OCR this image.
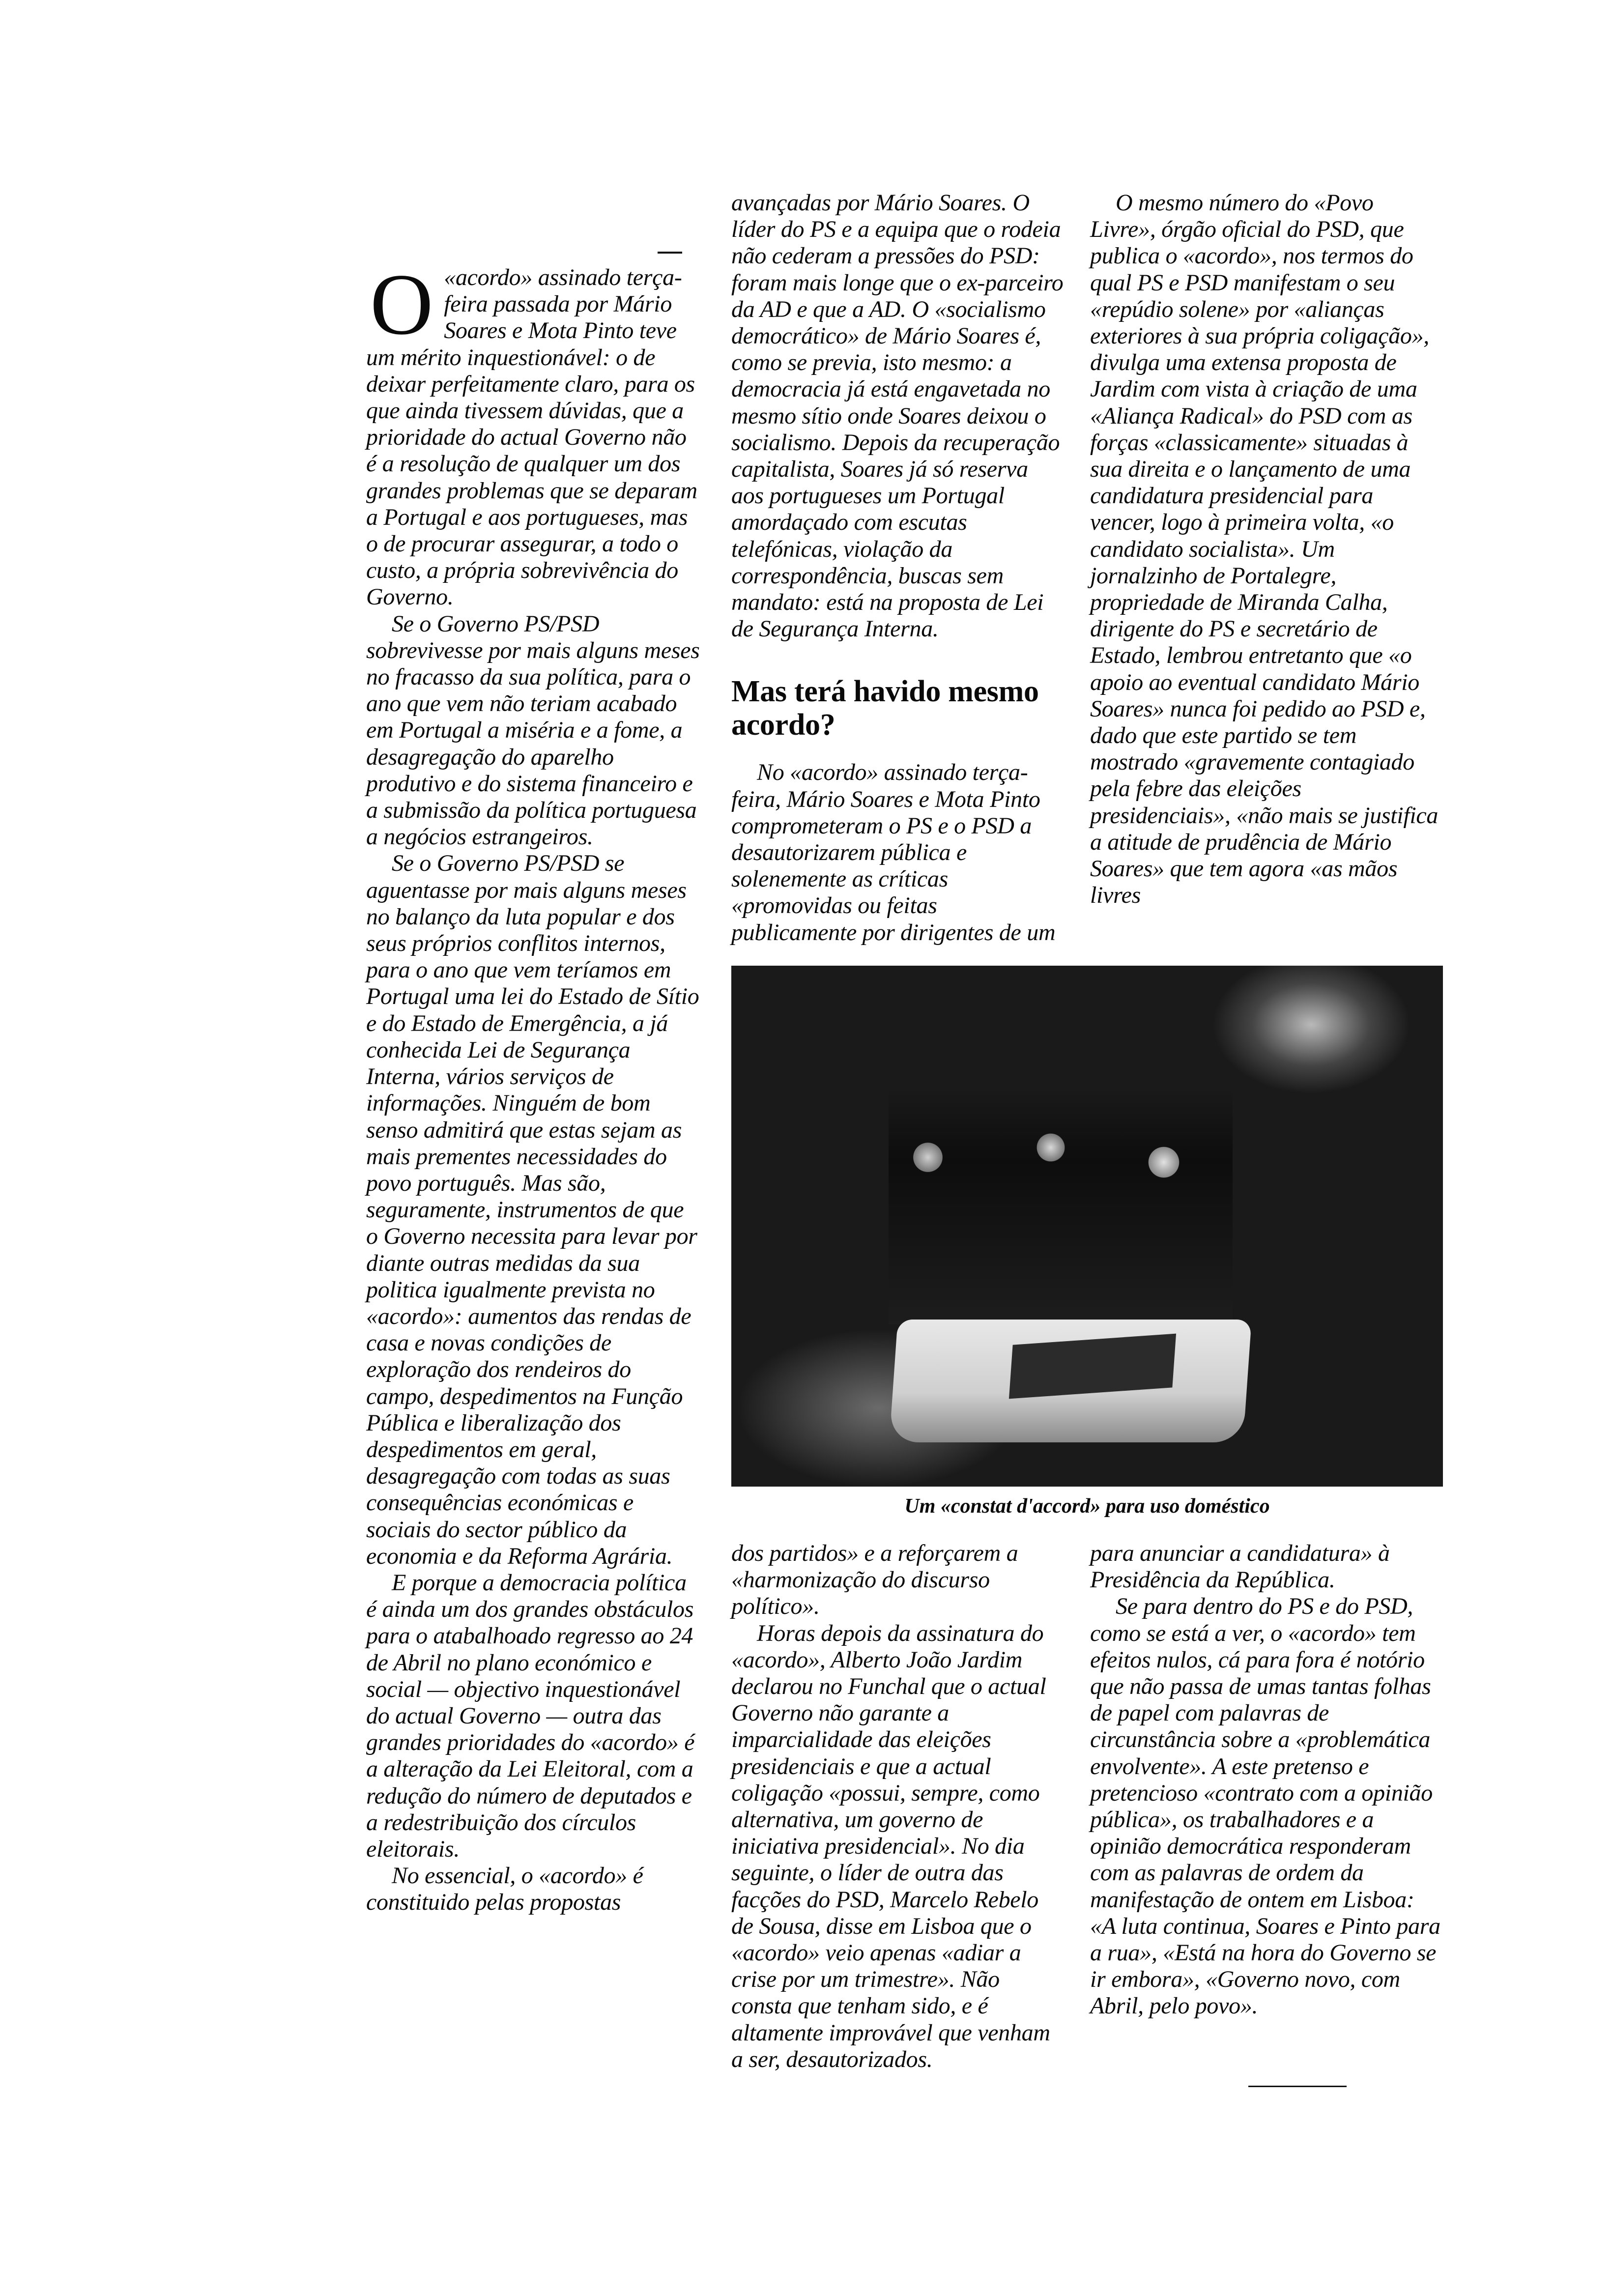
O «acordo» assinado terça-feira passada por Mário Soares e Mota Pinto teve um mérito inquestionável: o de deixar perfeitamente claro, para os que ainda tivessem dúvidas, que a prioridade do actual Governo não é a resolução de qualquer um dos grandes problemas que se deparam a Portugal e aos portugueses, mas o de procurar assegurar, a todo o custo, a própria sobrevivência do Governo.

Se o Governo PS/PSD sobrevivesse por mais alguns meses no fracasso da sua política, para o ano que vem não teriam acabado em Portugal a miséria e a fome, a desagregação do aparelho produtivo e do sistema financeiro e a submissão da política portuguesa a negócios estrangeiros.

Se o Governo PS/PSD se aguentasse por mais alguns meses no balanço da luta popular e dos seus próprios conflitos internos, para o ano que vem teríamos em Portugal uma lei do Estado de Sítio e do Estado de Emergência, a já conhecida Lei de Segurança Interna, vários serviços de informações. Ninguém de bom senso admitirá que estas sejam as mais prementes necessidades do povo português. Mas são, seguramente, instrumentos de que o Governo necessita para levar por diante outras medidas da sua politica igualmente prevista no «acordo»: aumentos das rendas de casa e novas condições de exploração dos rendeiros do campo, despedimentos na Função Pública e liberalização dos despedimentos em geral, desagregação com todas as suas consequências económicas e sociais do sector público da economia e da Reforma Agrária.

E porque a democracia política é ainda um dos grandes obstáculos para o atabalhoado regresso ao 24 de Abril no plano económico e social — objectivo inquestionável do actual Governo — outra das grandes prioridades do «acordo» é a alteração da Lei Eleitoral, com a redução do número de deputados e a redestribuição dos círculos eleitorais.

No essencial, o «acordo» é constituido pelas propostas

avançadas por Mário Soares. O líder do PS e a equipa que o rodeia não cederam a pressões do PSD: foram mais longe que o ex-parceiro da AD e que a AD. O «socialismo democrático» de Mário Soares é, como se previa, isto mesmo: a democracia já está engavetada no mesmo sítio onde Soares deixou o socialismo. Depois da recuperação capitalista, Soares já só reserva aos portugueses um Portugal amordaçado com escutas telefónicas, violação da correspondência, buscas sem mandato: está na proposta de Lei de Segurança Interna.

Mas terá havido mesmo acordo?

No «acordo» assinado terça-feira, Mário Soares e Mota Pinto comprometeram o PS e o PSD a desautorizarem pública e solenemente as críticas «promovidas ou feitas publicamente por dirigentes de um

O mesmo número do «Povo Livre», órgão oficial do PSD, que publica o «acordo», nos termos do qual PS e PSD manifestam o seu «repúdio solene» por «alianças exteriores à sua própria coligação», divulga uma extensa proposta de Jardim com vista à criação de uma «Aliança Radical» do PSD com as forças «classicamente» situadas à sua direita e o lançamento de uma candidatura presidencial para vencer, logo à primeira volta, «o candidato socialista». Um jornalzinho de Portalegre, propriedade de Miranda Calha, dirigente do PS e secretário de Estado, lembrou entretanto que «o apoio ao eventual candidato Mário Soares» nunca foi pedido ao PSD e, dado que este partido se tem mostrado «gravemente contagiado pela febre das eleições presidenciais», «não mais se justifica a atitude de prudência de Mário Soares» que tem agora «as mãos livres

Um «constat d'accord» para uso doméstico

dos partidos» e a reforçarem a «harmonização do discurso político».

Horas depois da assinatura do «acordo», Alberto João Jardim declarou no Funchal que o actual Governo não garante a imparcialidade das eleições presidenciais e que a actual coligação «possui, sempre, como alternativa, um governo de iniciativa presidencial». No dia seguinte, o líder de outra das facções do PSD, Marcelo Rebelo de Sousa, disse em Lisboa que o «acordo» veio apenas «adiar a crise por um trimestre». Não consta que tenham sido, e é altamente improvável que venham a ser, desautorizados.

para anunciar a candidatura» à Presidência da República.

Se para dentro do PS e do PSD, como se está a ver, o «acordo» tem efeitos nulos, cá para fora é notório que não passa de umas tantas folhas de papel com palavras de circunstância sobre a «problemática envolvente». A este pretenso e pretencioso «contrato com a opinião pública», os trabalhadores e a opinião democrática responderam com as palavras de ordem da manifestação de ontem em Lisboa: «A luta continua, Soares e Pinto para a rua», «Está na hora do Governo se ir embora», «Governo novo, com Abril, pelo povo».
